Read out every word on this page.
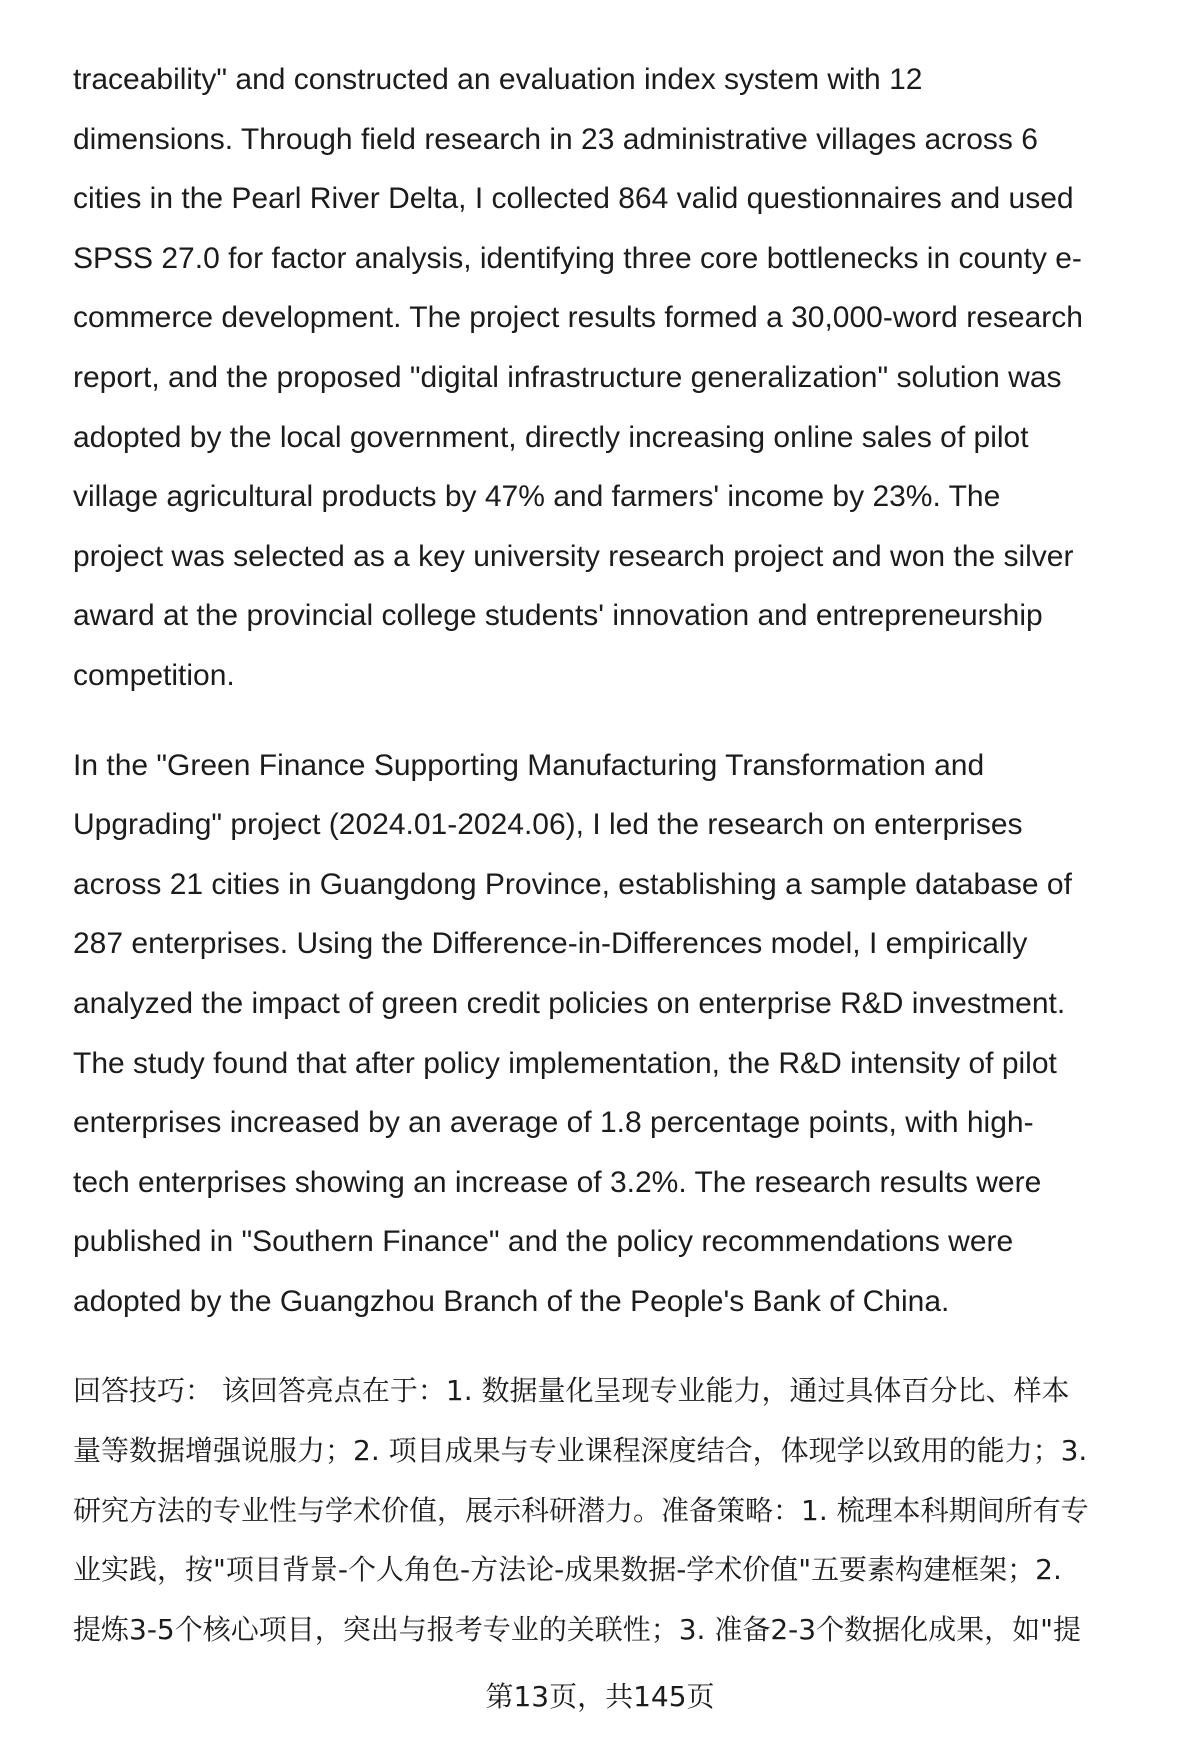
traceability" and constructed an evaluation index system with 12
dimensions. Through field research in 23 administrative villages across 6
cities in the Pearl River Delta, I collected 864 valid questionnaires and used
SPSS 27.0 for factor analysis, identifying three core bottlenecks in county e-
commerce development. The project results formed a 30,000-word research
report, and the proposed "digital infrastructure generalization" solution was
adopted by the local government, directly increasing online sales of pilot
village agricultural products by 47% and farmers' income by 23%. The
project was selected as a key university research project and won the silver
award at the provincial college students' innovation and entrepreneurship
competition.
In the "Green Finance Supporting Manufacturing Transformation and
Upgrading" project (2024.01-2024.06), I led the research on enterprises
across 21 cities in Guangdong Province, establishing a sample database of
287 enterprises. Using the Difference-in-Differences model, I empirically
analyzed the impact of green credit policies on enterprise R&D investment.
The study found that after policy implementation, the R&D intensity of pilot
enterprises increased by an average of 1.8 percentage points, with high-
tech enterprises showing an increase of 3.2%. The research results were
published in "Southern Finance" and the policy recommendations were
adopted by the Guangzhou Branch of the People's Bank of China.
回答技巧： 该回答亮点在于：1. 数据量化呈现专业能力，通过具体百分比、样本
量等数据增强说服力；2. 项目成果与专业课程深度结合，体现学以致用的能力；3.
研究方法的专业性与学术价值，展示科研潜力。准备策略：1. 梳理本科期间所有专
业实践，按"项目背景-个人角色-方法论-成果数据-学术价值"五要素构建框架；2.
提炼3-5个核心项目，突出与报考专业的关联性；3. 准备2-3个数据化成果，如"提
第13页，共145页
